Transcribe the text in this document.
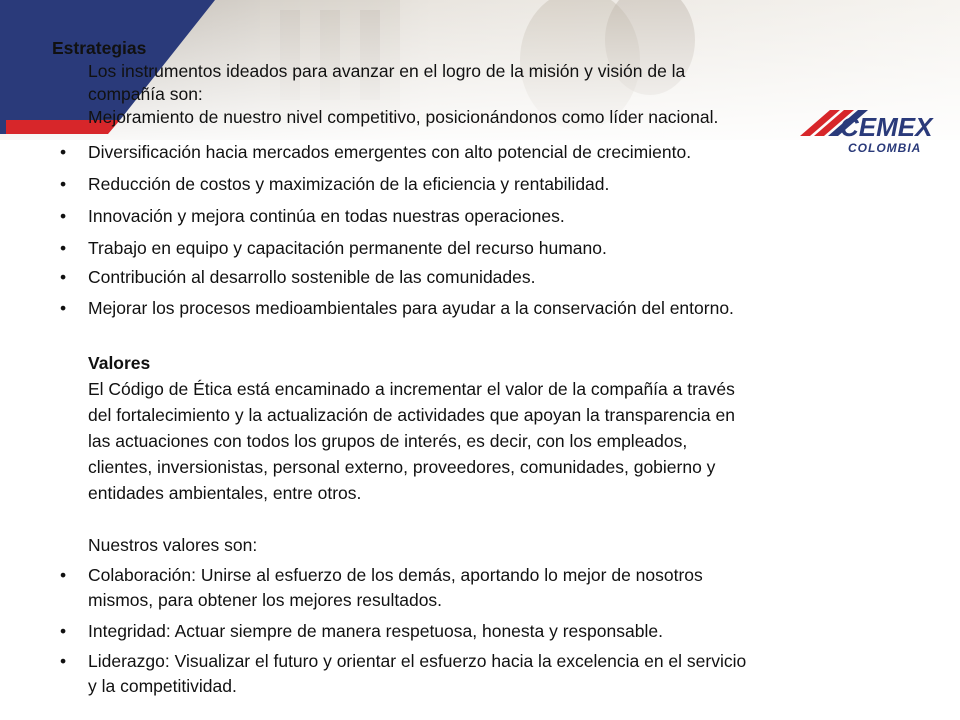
CEMEX
COLOMBIA
Estrategias
Los instrumentos ideados para avanzar en el logro de la misión y visión de la
compañía son:
Mejoramiento de nuestro nivel competitivo, posicionándonos como líder nacional.
• Diversificación hacia mercados emergentes con alto potencial de crecimiento.
• Reducción de costos y maximización de la eficiencia y rentabilidad.
• Innovación y mejora continúa en todas nuestras operaciones.
• Trabajo en equipo y capacitación permanente del recurso humano.
• Contribución al desarrollo sostenible de las comunidades.
• Mejorar los procesos medioambientales para ayudar a la conservación del entorno.
Valores
El Código de Ética está encaminado a incrementar el valor de la compañía a través
del fortalecimiento y la actualización de actividades que apoyan la transparencia en
las actuaciones con todos los grupos de interés, es decir, con los empleados,
clientes, inversionistas, personal externo, proveedores, comunidades, gobierno y
entidades ambientales, entre otros.
Nuestros valores son:
• Colaboración: Unirse al esfuerzo de los demás, aportando lo mejor de nosotros
mismos, para obtener los mejores resultados.
• Integridad: Actuar siempre de manera respetuosa, honesta y responsable.
• Liderazgo: Visualizar el futuro y orientar el esfuerzo hacia la excelencia en el servicio
y la competitividad.
